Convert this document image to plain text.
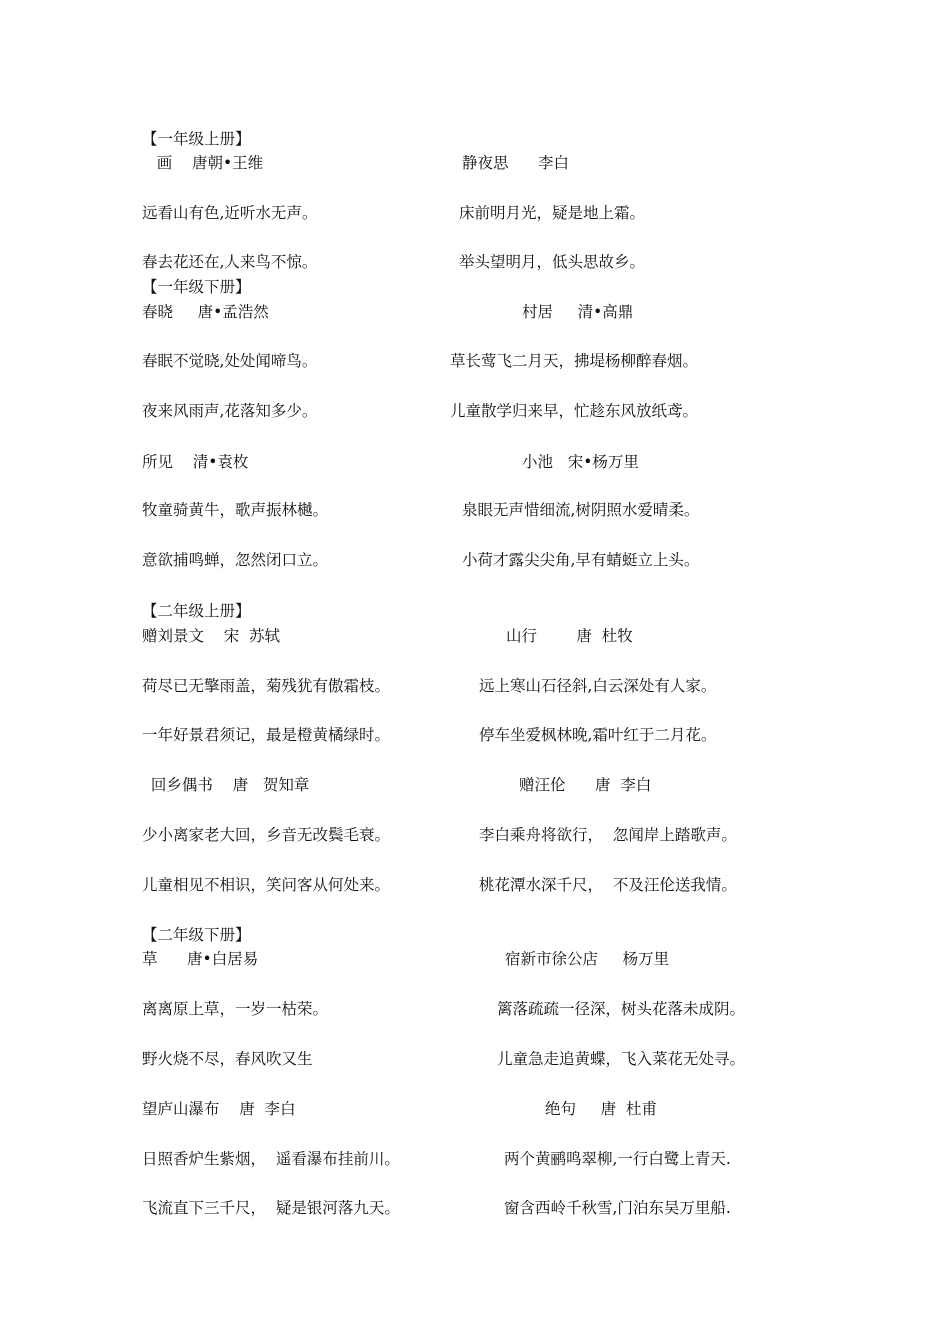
【一年级上册】
画    唐朝•王维	静夜思      李白
远看山有色,近听水无声。	床前明月光，疑是地上霜。
春去花还在,人来鸟不惊。	举头望明月，低头思故乡。
【一年级下册】
春晓     唐•孟浩然	村居     清•高鼎
春眠不觉晓,处处闻啼鸟。	草长莺飞二月天，拂堤杨柳醉春烟。
夜来风雨声,花落知多少。	儿童散学归来早，忙趁东风放纸鸢。
所见    清•袁枚	小池   宋•杨万里
牧童骑黄牛，歌声振林樾。	泉眼无声惜细流,树阴照水爱晴柔。
意欲捕鸣蝉，忽然闭口立。	小荷才露尖尖角,早有蜻蜓立上头。
【二年级上册】
赠刘景文    宋  苏轼	山行        唐  杜牧
荷尽已无擎雨盖，菊残犹有傲霜枝。	远上寒山石径斜,白云深处有人家。
一年好景君须记，最是橙黄橘绿时。	停车坐爱枫林晚,霜叶红于二月花。
回乡偶书    唐   贺知章	赠汪伦      唐  李白
少小离家老大回，乡音无改鬓毛衰。	李白乘舟将欲行，  忽闻岸上踏歌声。
儿童相见不相识，笑问客从何处来。	桃花潭水深千尺，  不及汪伦送我情。
【二年级下册】
草      唐•白居易	宿新市徐公店     杨万里
离离原上草，一岁一枯荣。	篱落疏疏一径深，树头花落未成阴。
野火烧不尽，春风吹又生	儿童急走追黄蝶，飞入菜花无处寻。
望庐山瀑布    唐  李白	绝句     唐  杜甫
日照香炉生紫烟，  遥看瀑布挂前川。	两个黄鹂鸣翠柳,一行白鹭上青天.
飞流直下三千尺，  疑是银河落九天。	窗含西岭千秋雪,门泊东吴万里船.
